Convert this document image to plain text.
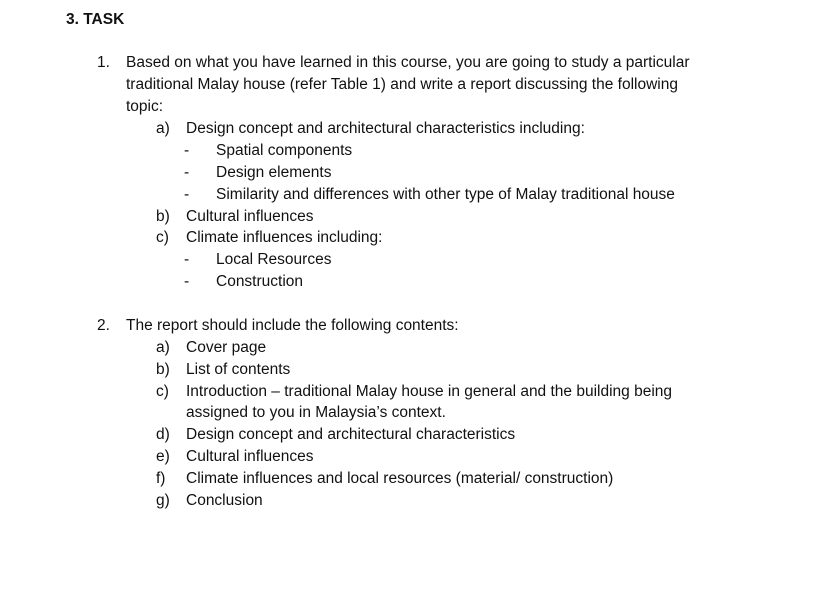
3. TASK
1. Based on what you have learned in this course, you are going to study a particular
traditional Malay house (refer Table 1) and write a report discussing the following
topic:
a) Design concept and architectural characteristics including:
- Spatial components
- Design elements
- Similarity and differences with other type of Malay traditional house
b) Cultural influences
c) Climate influences including:
- Local Resources
- Construction
2. The report should include the following contents:
a) Cover page
b) List of contents
c) Introduction – traditional Malay house in general and the building being
assigned to you in Malaysia’s context.
d) Design concept and architectural characteristics
e) Cultural influences
f) Climate influences and local resources (material/ construction)
g) Conclusion
